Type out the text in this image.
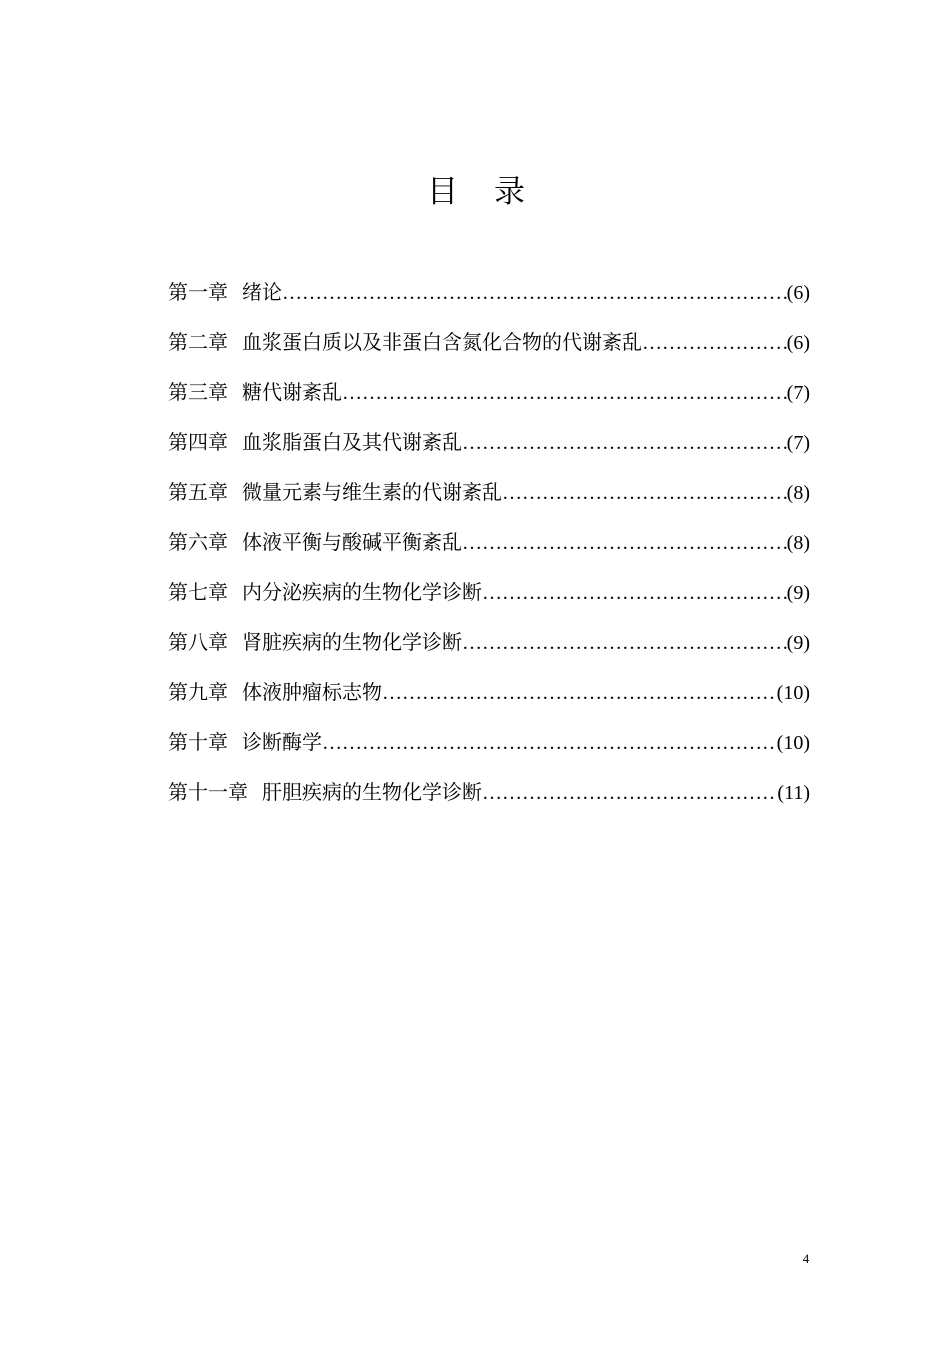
目 录
第一章 绪论 …………………………………………………………………………………………………………………………………………………………………………	(6)
第二章 血浆蛋白质以及非蛋白含氮化合物的代谢紊乱 …………………………………………………………………………………………………………………………………………………………………………	(6)
第三章 糖代谢紊乱 …………………………………………………………………………………………………………………………………………………………………………	(7)
第四章 血浆脂蛋白及其代谢紊乱 …………………………………………………………………………………………………………………………………………………………………………	(7)
第五章 微量元素与维生素的代谢紊乱 …………………………………………………………………………………………………………………………………………………………………………	(8)
第六章 体液平衡与酸碱平衡紊乱 …………………………………………………………………………………………………………………………………………………………………………	(8)
第七章 内分泌疾病的生物化学诊断 …………………………………………………………………………………………………………………………………………………………………………	(9)
第八章 肾脏疾病的生物化学诊断 …………………………………………………………………………………………………………………………………………………………………………	(9)
第九章 体液肿瘤标志物 …………………………………………………………………………………………………………………………………………………………………………	(10)
第十章 诊断酶学 …………………………………………………………………………………………………………………………………………………………………………	(10)
第十一章 肝胆疾病的生物化学诊断 …………………………………………………………………………………………………………………………………………………………………………	(11)
4
